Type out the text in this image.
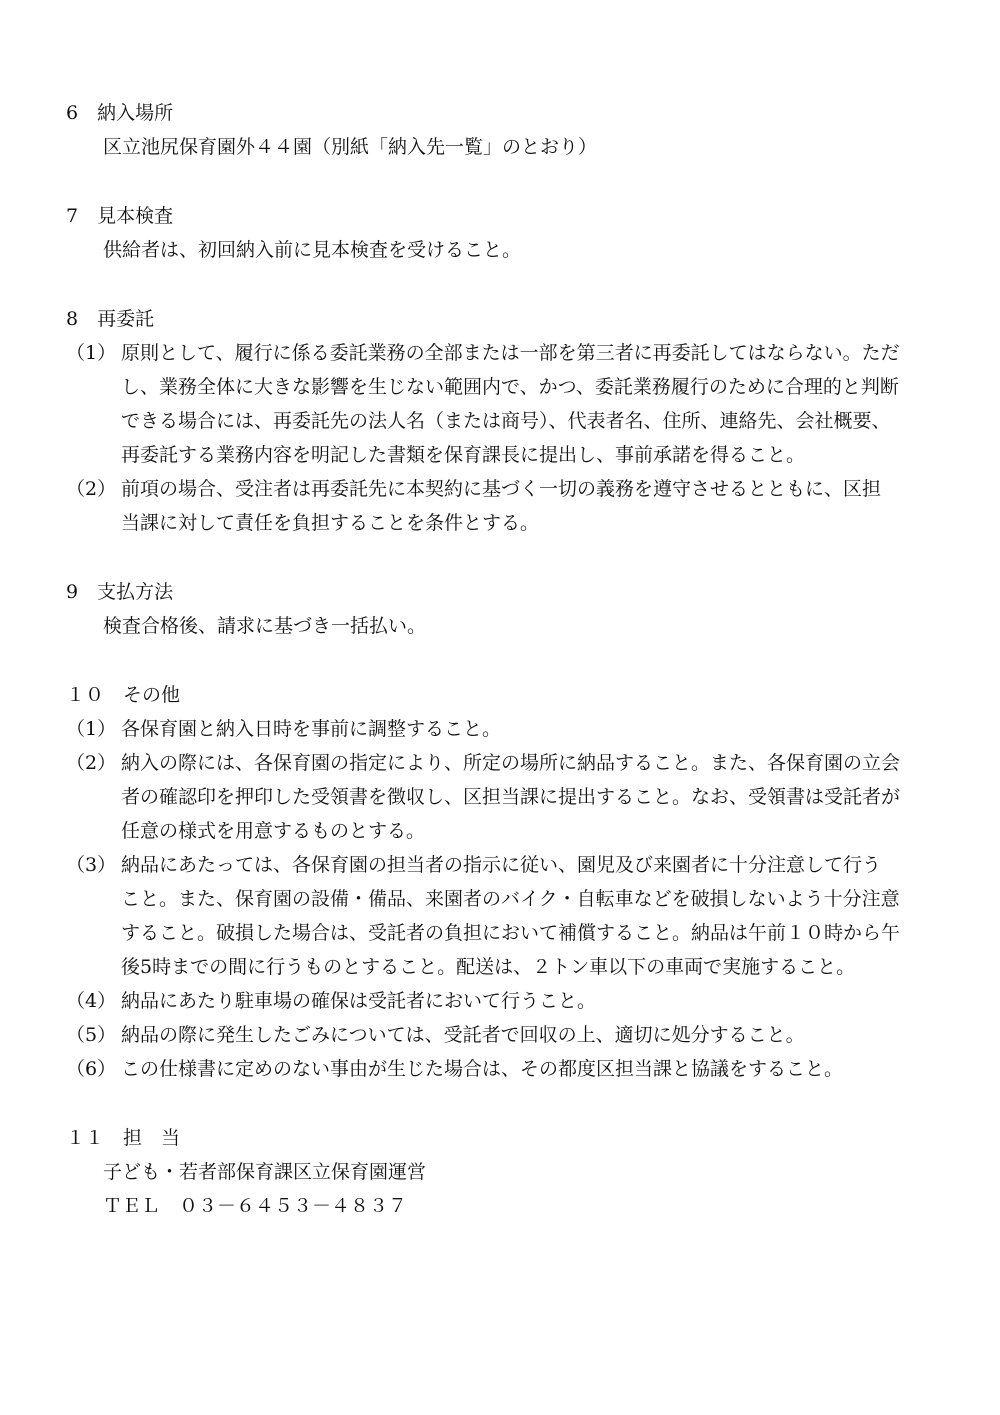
6　納入場所
区立池尻保育園外４４園（別紙「納入先一覧」のとおり）
7　見本検査
供給者は、初回納入前に見本検査を受けること。
8　再委託
（1） 原則として、履行に係る委託業務の全部または一部を第三者に再委託してはならない。ただ
し、業務全体に大きな影響を生じない範囲内で、かつ、委託業務履行のために合理的と判断
できる場合には、再委託先の法人名（または商号）、代表者名、住所、連絡先、会社概要、
再委託する業務内容を明記した書類を保育課長に提出し、事前承諾を得ること。
（2） 前項の場合、受注者は再委託先に本契約に基づく一切の義務を遵守させるとともに、区担
当課に対して責任を負担することを条件とする。
9　支払方法
検査合格後、請求に基づき一括払い。
１０　その他
（1） 各保育園と納入日時を事前に調整すること。
（2） 納入の際には、各保育園の指定により、所定の場所に納品すること。また、各保育園の立会
者の確認印を押印した受領書を徴収し、区担当課に提出すること。なお、受領書は受託者が
任意の様式を用意するものとする。
（3） 納品にあたっては、各保育園の担当者の指示に従い、園児及び来園者に十分注意して行う
こと。また、保育園の設備・備品、来園者のバイク・自転車などを破損しないよう十分注意
すること。破損した場合は、受託者の負担において補償すること。納品は午前１０時から午
後5時までの間に行うものとすること。配送は、２トン車以下の車両で実施すること。
（4） 納品にあたり駐車場の確保は受託者において行うこと。
（5） 納品の際に発生したごみについては、受託者で回収の上、適切に処分すること。
（6） この仕様書に定めのない事由が生じた場合は、その都度区担当課と協議をすること。
１１　担　当
子ども・若者部保育課区立保育園運営
ＴＥＬ　０３－６４５３－４８３７
